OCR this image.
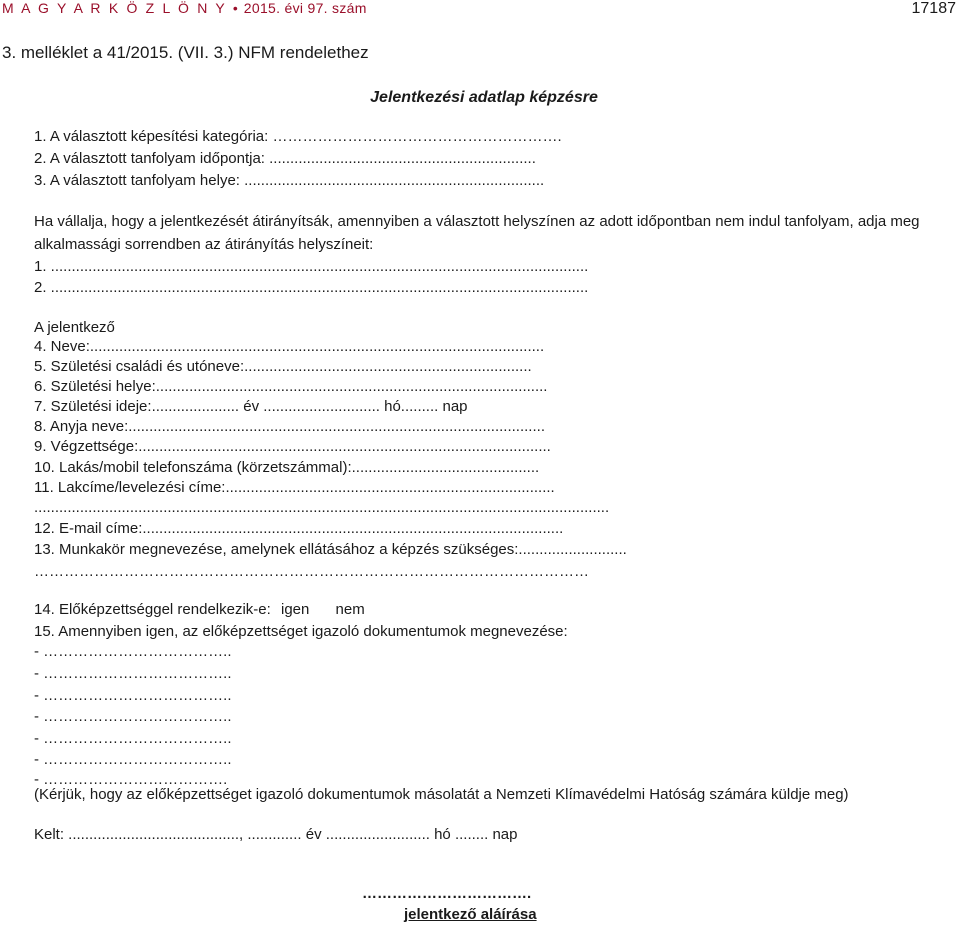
M A G Y A R K Ö Z L Ö N Y • 2015. évi 97. szám	17187
3. melléklet a 41/2015. (VII. 3.) NFM rendelethez
Jelentkezési adatlap képzésre
1. A választott képesítési kategória: ………………………………………………….
2. A választott tanfolyam időpontja: ................................................................
3. A választott tanfolyam helye: ........................................................................
Ha vállalja, hogy a jelentkezését átirányítsák, amennyiben a választott helyszínen az adott időpontban nem indul tanfolyam, adja meg alkalmassági sorrendben az átirányítás helyszíneit:
1. .................................................................................................................................
2. .................................................................................................................................
A jelentkező
4. Neve:.............................................................................................................
5. Születési családi és utóneve:.....................................................................
6. Születési helye:..............................................................................................
7. Születési ideje:..................... év ............................ hó......... nap
8. Anyja neve:....................................................................................................
9. Végzettsége:...................................................................................................
10. Lakás/mobil telefonszáma (körzetszámmal):.............................................
11. Lakcíme/levelezési címe:...............................................................................
..........................................................................................................................................
12. E-mail címe:.....................................................................................................
13. Munkakör megnevezése, amelynek ellátásához a képzés szükséges:..........................
…………………………………………………………………………………………………
14. Előképzettséggel rendelkezik-e: igen nem
15. Amennyiben igen, az előképzettséget igazoló dokumentumok megnevezése:
- ………………………………..
- ………………………………..
- ………………………………..
- ………………………………..
- ………………………………..
- ………………………………..
- ……………………………….
(Kérjük, hogy az előképzettséget igazoló dokumentumok másolatát a Nemzeti Klímavédelmi Hatóság számára küldje meg)
Kelt: ........................................., ............. év ......................... hó ........ nap
…………………………….
jelentkező aláírása
